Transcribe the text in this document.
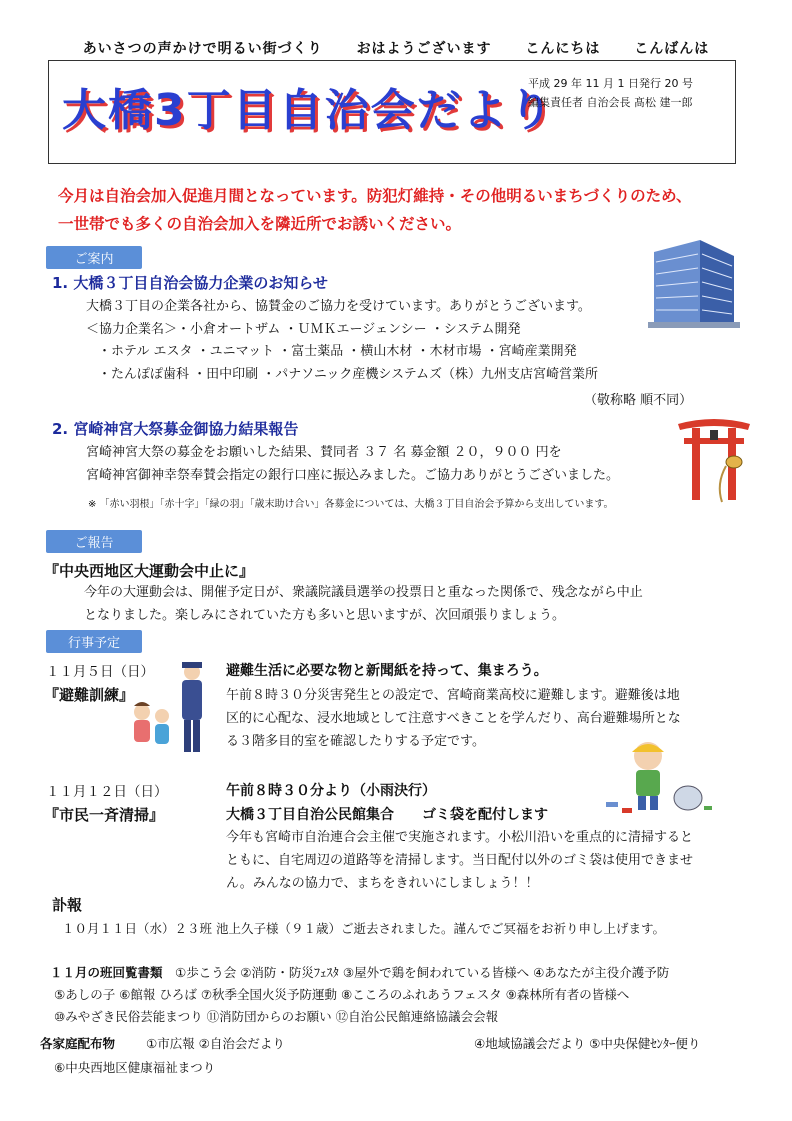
あいさつの声かけで明るい街づくり おはようございます こんにちは こんばんは
大橋3丁目自治会だより
平成 29 年 11 月 1 日発行 20 号
編集責任者 自治会長 髙松 建一郎
今月は自治会加入促進月間となっています。防犯灯維持・その他明るいまちづくりのため、
一世帯でも多くの自治会加入を隣近所でお誘いください。
ご案内
1. 大橋３丁目自治会協力企業のお知らせ
大橋３丁目の企業各社から、協賛金のご協力を受けています。ありがとうございます。
＜協力企業名＞・小倉オートザム ・ＵＭＫエージェンシー ・システム開発
・ホテル エスタ ・ユニマット ・富士薬品 ・横山木材 ・木材市場 ・宮崎産業開発
・たんぽぽ歯科 ・田中印刷 ・パナソニック産機システムズ（株）九州支店宮崎営業所
（敬称略 順不同）
2. 宮崎神宮大祭募金御協力結果報告
宮崎神宮大祭の募金をお願いした結果、賛同者 ３７ 名 募金額 ２０，９００ 円を
宮崎神宮御神幸祭奉賛会指定の銀行口座に振込みました。ご協力ありがとうございました。
※ 「赤い羽根」「赤十字」「緑の羽」「歳末助け合い」各募金については、大橋３丁目自治会予算から支出しています。
ご報告
『中央西地区大運動会中止に』
今年の大運動会は、開催予定日が、衆議院議員選挙の投票日と重なった関係で、残念ながら中止
となりました。楽しみにされていた方も多いと思いますが、次回頑張りましょう。
行事予定
１１月５日（日）
『避難訓練』
避難生活に必要な物と新聞紙を持って、集まろう。
午前８時３０分災害発生との設定で、宮崎商業高校に避難します。避難後は地
区的に心配な、浸水地域として注意すべきことを学んだり、高台避難場所とな
る３階多目的室を確認したりする予定です。
１１月１２日（日）
『市民一斉清掃』
午前８時３０分より（小雨決行）
大橋３丁目自治公民館集合　　ゴミ袋を配付します
今年も宮崎市自治連合会主催で実施されます。小松川沿いを重点的に清掃すると
ともに、自宅周辺の道路等を清掃します。当日配付以外のゴミ袋は使用できませ
ん。みんなの協力で、まちをきれいにしましょう！！
訃報
１０月１１日（水）２３班 池上久子様（９１歳）ご逝去されました。謹んでご冥福をお祈り申し上げます。
１１月の班回覧書類　 ①歩こう会 ②消防・防災ﾌｪｽﾀ ③屋外で鶏を飼われている皆様へ ④あなたが主役介護予防
⑤あしの子 ⑥館報 ひろば ⑦秋季全国火災予防運動 ⑧こころのふれあうフェスタ ⑨森林所有者の皆様へ
⑩みやざき民俗芸能まつり ⑪消防団からのお願い ⑫自治公民館連絡協議会会報
各家庭配布物 ①市広報 ②自治会だより	④地域協議会だより ⑤中央保健ｾﾝﾀｰ便り
⑥中央西地区健康福祉まつり
